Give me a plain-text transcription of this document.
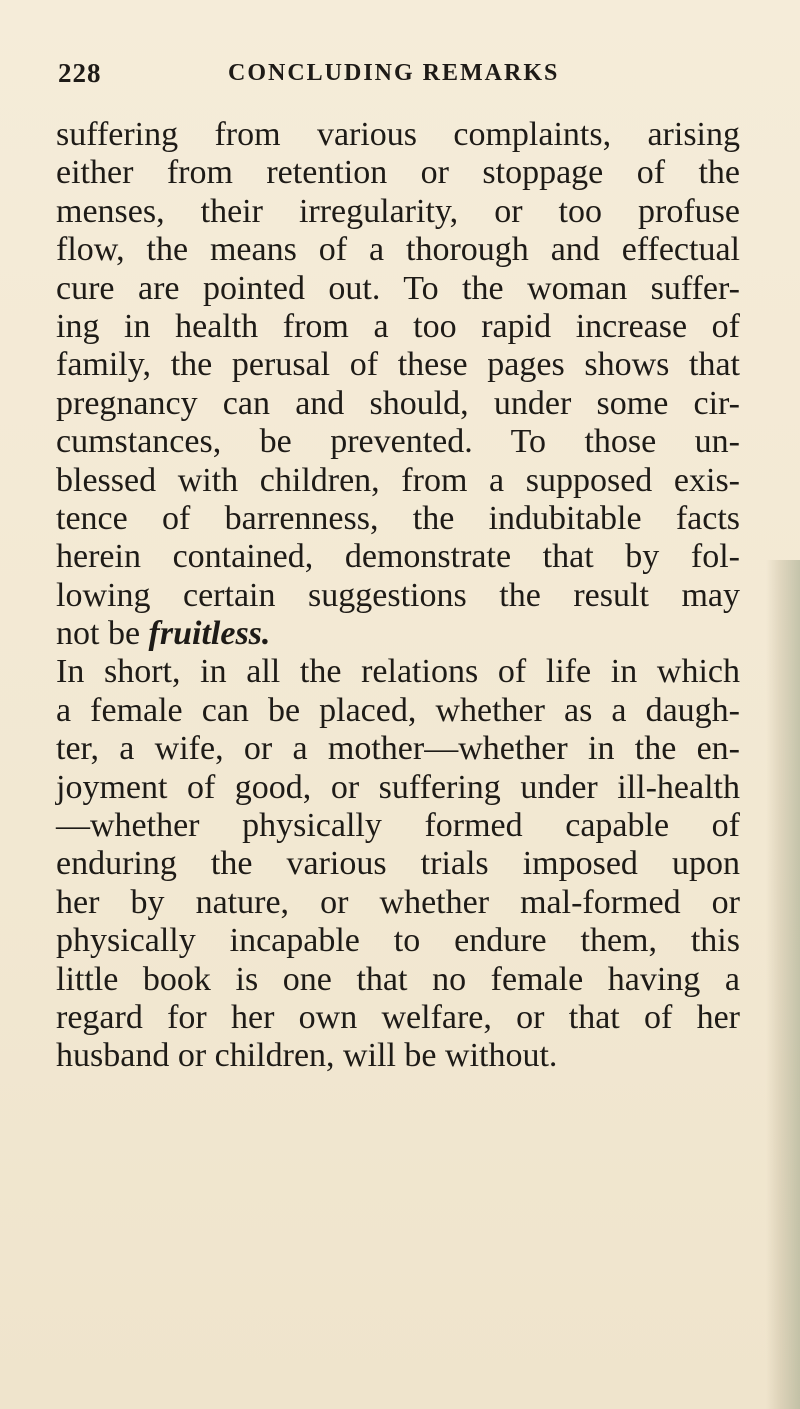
228	CONCLUDING REMARKS
suffering from various complaints, arising
either from retention or stoppage of the
menses, their irregularity, or too profuse
flow, the means of a thorough and effectual
cure are pointed out. To the woman suffer-
ing in health from a too rapid increase of
family, the perusal of these pages shows that
pregnancy can and should, under some cir-
cumstances, be prevented. To those un-
blessed with children, from a supposed exis-
tence of barrenness, the indubitable facts
herein contained, demonstrate that by fol-
lowing certain suggestions the result may
not be fruitless.
In short, in all the relations of life in which
a female can be placed, whether as a daugh-
ter, a wife, or a mother—whether in the en-
joyment of good, or suffering under ill-health
—whether physically formed capable of
enduring the various trials imposed upon
her by nature, or whether mal-formed or
physically incapable to endure them, this
little book is one that no female having a
regard for her own welfare, or that of her
husband or children, will be without.
